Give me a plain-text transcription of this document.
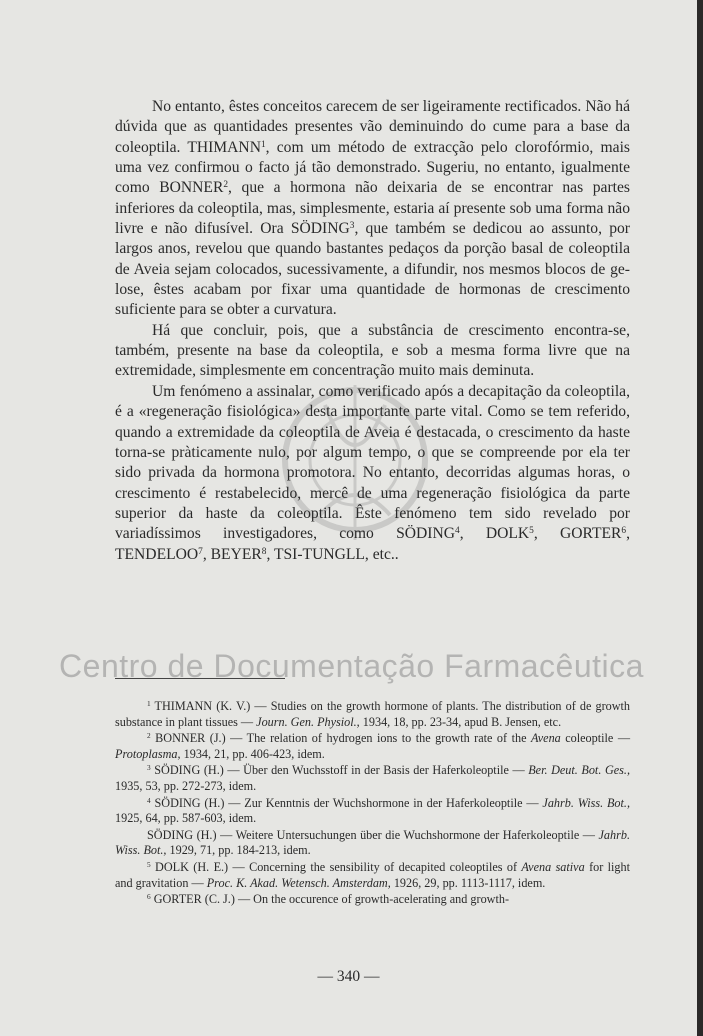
No entanto, êstes conceitos carecem de ser ligeiramente rectificados. Não há dúvida que as quantidades presentes vão deminuindo do cume para a base da coleoptila. THIMANN$^1$, com um método de extracção pelo clorofórmio, mais uma vez confirmou o facto já tão demonstrado. Sugeriu, no entanto, igualmente como BONNER$^2$, que a hormona não deixaria de se encontrar nas partes inferiores da coleoptila, mas, simplesmente, estaria aí presente sob uma forma não livre e não difusível. Ora SÖDING$^3$, que também se dedicou ao assunto, por largos anos, revelou que quando bastantes pedaços da porção basal de coleoptila de Aveia sejam colocados, sucessivamente, a difundir, nos mesmos blocos de gelose, êstes acabam por fixar uma quantidade de hormonas de crescimento suficiente para se obter a curvatura.

Há que concluir, pois, que a substância de crescimento encontra-se, também, presente na base da coleoptila, e sob a mesma forma livre que na extremidade, simplesmente em concentração muito mais deminuta.

Um fenómeno a assinalar, como verificado após a decapitação da coleoptila, é a «regeneração fisiológica» desta importante parte vital. Como se tem referido, quando a extremidade da coleoptila de Aveia é destacada, o crescimento da haste torna-se pràticamente nulo, por algum tempo, o que se compreende por ela ter sido privada da hormona promotora. No entanto, decorridas algumas horas, o crescimento é restabelecido, mercê de uma regeneração fisiológica da parte superior da haste da coleoptila. Êste fenómeno tem sido revelado por variadíssimos investigadores, como SÖDING$^4$, DOLK$^5$, GORTER$^6$, TENDELOO$^7$, BEYER$^8$, TSI-TUNGLL, etc..

$^1$ THIMANN (K. V.) — Studies on the growth hormone of plants. The distribution of de growth substance in plant tissues — Journ. Gen. Physiol., 1934, 18, pp. 23-34, apud B. Jensen, etc.

$^2$ BONNER (J.) — The relation of hydrogen ions to the growth rate of the Avena coleoptile — Protoplasma, 1934, 21, pp. 406-423, idem.

$^3$ SÖDING (H.) — Über den Wuchsstoff in der Basis der Haferkoleoptile — Ber. Deut. Bot. Ges., 1935, 53, pp. 272-273, idem.

$^4$ SÖDING (H.) — Zur Kenntnis der Wuchshormone in der Haferkoleoptile — Jahrb. Wiss. Bot., 1925, 64, pp. 587-603, idem.

SÖDING (H.) — Weitere Untersuchungen über die Wuchshormone der Haferkoleoptile — Jahrb. Wiss. Bot., 1929, 71, pp. 184-213, idem.

$^5$ DOLK (H. E.) — Concerning the sensibility of decapited coleoptiles of Avena sativa for light and gravitation — Proc. K. Akad. Wetensch. Amsterdam, 1926, 29, pp. 1113-1117, idem.

$^6$ GORTER (C. J.) — On the occurence of growth-acelerating and growth-

Centro de Documentação Farmacêutica
— 340 —
